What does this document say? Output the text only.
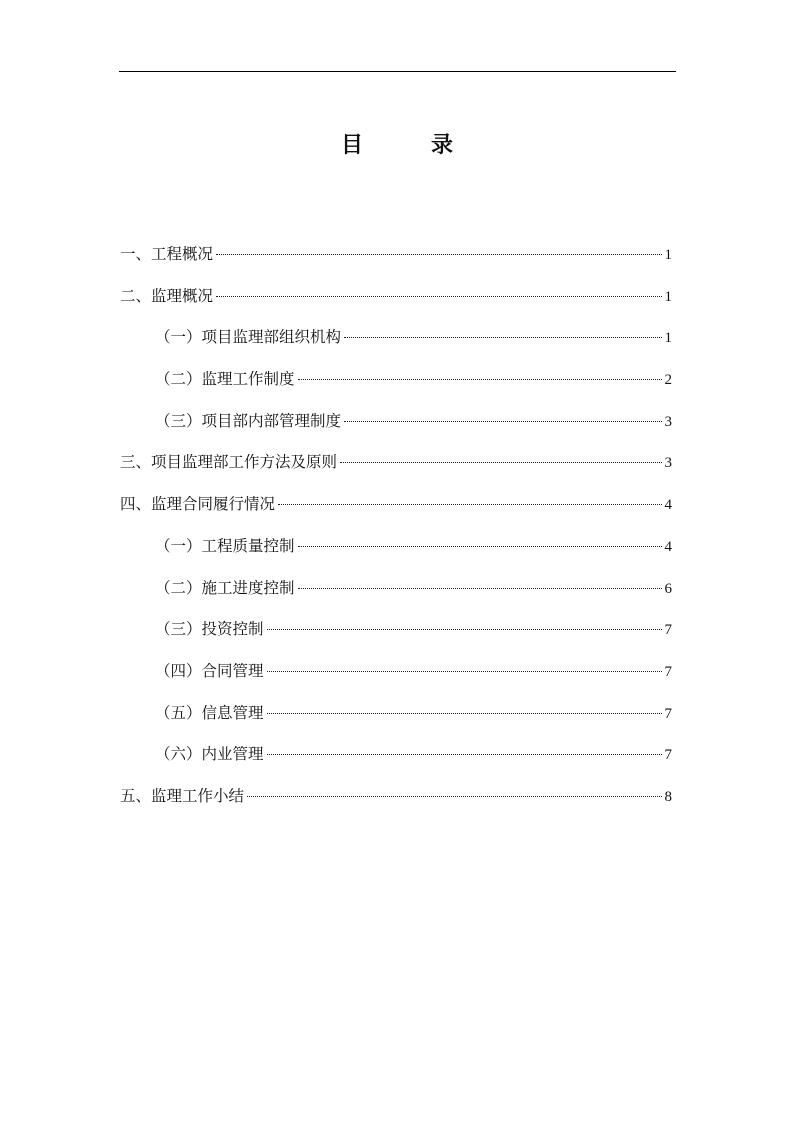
目	录
一、工程概况	1
二、监理概况	1
（一）项目监理部组织机构	1
（二）监理工作制度	2
（三）项目部内部管理制度	3
三、项目监理部工作方法及原则	3
四、监理合同履行情况	4
（一）工程质量控制	4
（二）施工进度控制	6
（三）投资控制	7
（四）合同管理	7
（五）信息管理	7
（六）内业管理	7
五、监理工作小结	8
